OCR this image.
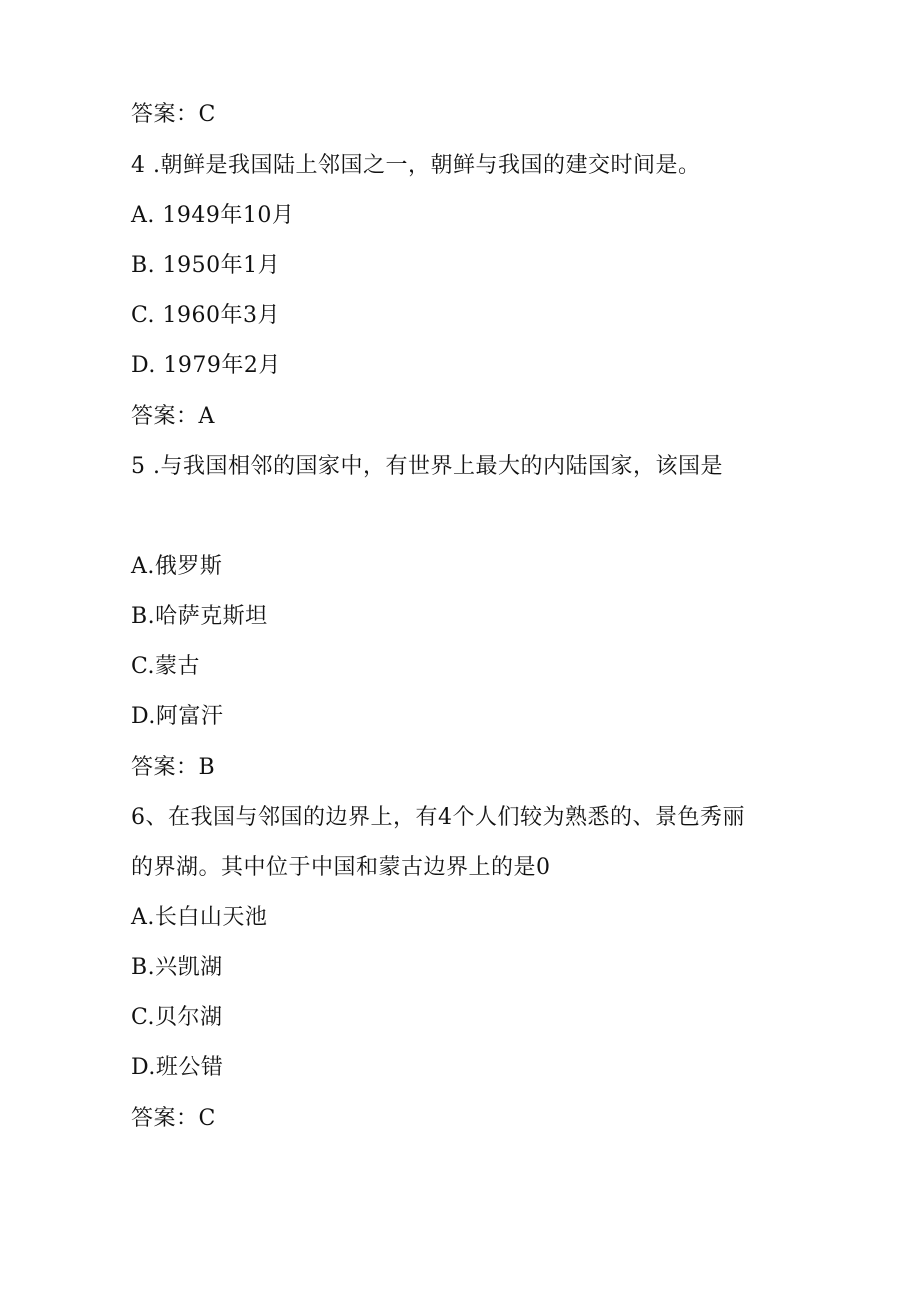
答案：C
4 .朝鲜是我国陆上邻国之一，朝鲜与我国的建交时间是。
A. 1949年10月
B. 1950年1月
C. 1960年3月
D. 1979年2月
答案：A
5 .与我国相邻的国家中，有世界上最大的内陆国家，该国是
A.俄罗斯
B.哈萨克斯坦
C.蒙古
D.阿富汗
答案：B
6、在我国与邻国的边界上，有4个人们较为熟悉的、景色秀丽
的界湖。其中位于中国和蒙古边界上的是0
A.长白山天池
B.兴凯湖
C.贝尔湖
D.班公错
答案：C
